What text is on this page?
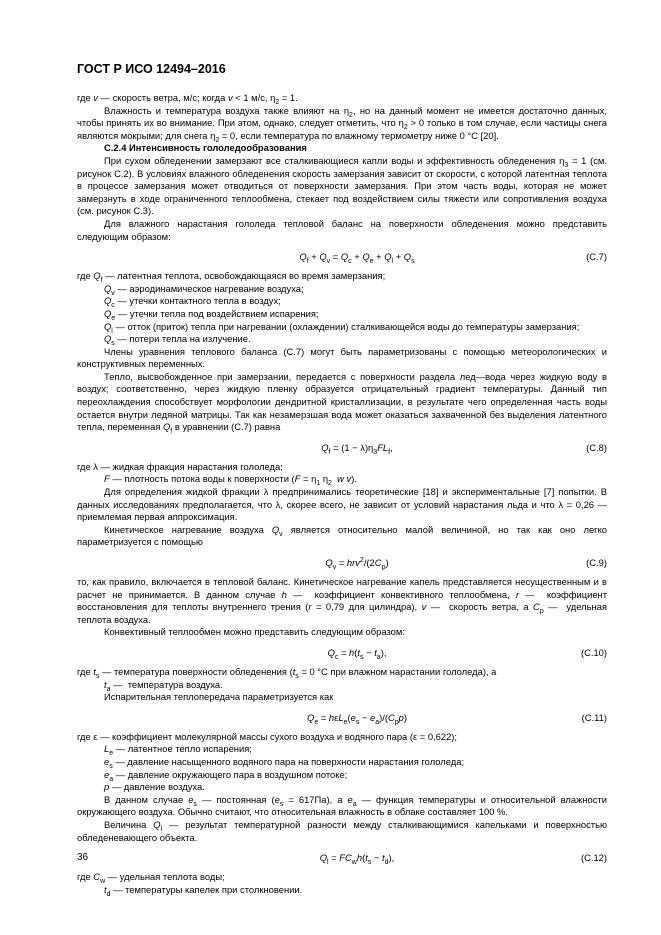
ГОСТ Р ИСО 12494–2016

где v — скорость ветра, м/с; когда v < 1 м/с, $\eta_2 = 1$.

Влажность и температура воздуха также влияют на $\eta_2$, но на данный момент не имеется достаточно данных, чтобы принять их во внимание. При этом, однако, следует отметить, что $\eta_2 > 0$ только в том случае, если частицы снега являются мокрыми; для снега $\eta_2 = 0$, если температура по влажному термометру ниже 0 °С [20].

С.2.4 Интенсивность гололедообразования

При сухом обледенении замерзают все сталкивающиеся капли воды и эффективность обледенения $\eta_3 = 1$ (см. рисунок С.2). В условиях влажного обледенения скорость замерзания зависит от скорости, с которой латентная теплота в процессе замерзания может отводиться от поверхности замерзания. При этом часть воды, которая не может замерзнуть в ходе ограниченного теплообмена, стекает под воздействием силы тяжести или сопротивления воздуха (см. рисунок С.3).

Для влажного нарастания гололеда тепловой баланс на поверхности обледенения можно представить следующим образом:

$Q_f + Q_v = Q_c + Q_e + Q_l + Q_s$	(С.7)

где $Q_f$ — латентная теплота, освобождающаяся во время замерзания;

$Q_v$ — аэродинамическое нагревание воздуха;

$Q_c$ — утечки контактного тепла в воздух;

$Q_e$ — утечки тепла под воздействием испарения;

$Q_l$ — отток (приток) тепла при нагревании (охлаждении) сталкивающейся воды до температуры замерзания;

$Q_s$ — потери тепла на излучение.

Члены уравнения теплового баланса (С.7) могут быть параметризованы с помощью метеорологических и конструктивных переменных.

Тепло, высвобожденное при замерзании, передается с поверхности раздела лед—вода через жидкую воду в воздух; соответственно, через жидкую пленку образуется отрицательный градиент температуры. Данный тип переохлаждения способствует морфологии дендритной кристаллизации, в результате чего определенная часть воды остается внутри ледяной матрицы. Так как незамерзшая вода может оказаться захваченной без выделения латентного тепла, переменная $Q_f$ в уравнении (С.7) равна

$Q_f = (1 - \lambda)\eta_3FL_f$,	(С.8)

где λ — жидкая фракция нарастания гололеда;

F — плотность потока воды к поверхности ($F = \eta_1$ $\eta_2$ w v).

Для определения жидкой фракции λ предпринимались теоретические [18] и экспериментальные [7] попытки. В данных исследованиях предполагается, что λ, скорее всего, не зависит от условий нарастания льда и что λ = 0,26 — приемлемая первая аппроксимация.

Кинетическое нагревание воздуха $Q_v$ является относительно малой величиной, но так как оно легко параметризуется с помощью

$Q_v = hrv^2/(2C_p)$	(С.9)

то, как правило, включается в тепловой баланс. Кинетическое нагревание капель представляется несущественным и в расчет не принимается. В данном случае h —  коэффициент конвективного теплообмена, r —  коэффициент восстановления для теплоты внутреннего трения (r = 0,79 для цилиндра), v —  скорость ветра, а $C_p$ —  удельная теплота воздуха.

Конвективный теплообмен можно представить следующим образом:

$Q_c = h(t_s - t_a)$,	(С.10)

где $t_s$ — температура поверхности обледенения ($t_s = 0$ °С при влажном нарастании гололеда), а

$t_a$ —  температура воздуха.

Испарительная теплопередача параметризуется как

$Q_e = h\varepsilon L_e(e_s - e_a)/(C_pp)$	(С.11)

где ε — коэффициент молекулярной массы сухого воздуха и водяного пара (ε = 0,622);

$L_e$ — латентное тепло испарения;

$e_s$ — давление насыщенного водяного пара на поверхности нарастания гололеда;

$e_a$ — давление окружающего пара в воздушном потоке;

p — давление воздуха.

В данном случае $e_s$ — постоянная $(e_s = 617Па)$, а $e_a$ — функция температуры и относительной влажности окружающего воздуха. Обычно считают, что относительная влажность в облаке составляет 100 %.

Величина $Q_l$ — результат температурной разности между сталкивающимися капельками и поверхностью обледеневающего объекта.

$Q_l = FC_wh(t_s - t_d)$,	(С.12)

где $C_w$ — удельная теплота воды;

$t_d$ — температуры капелек при столкновении.

36
